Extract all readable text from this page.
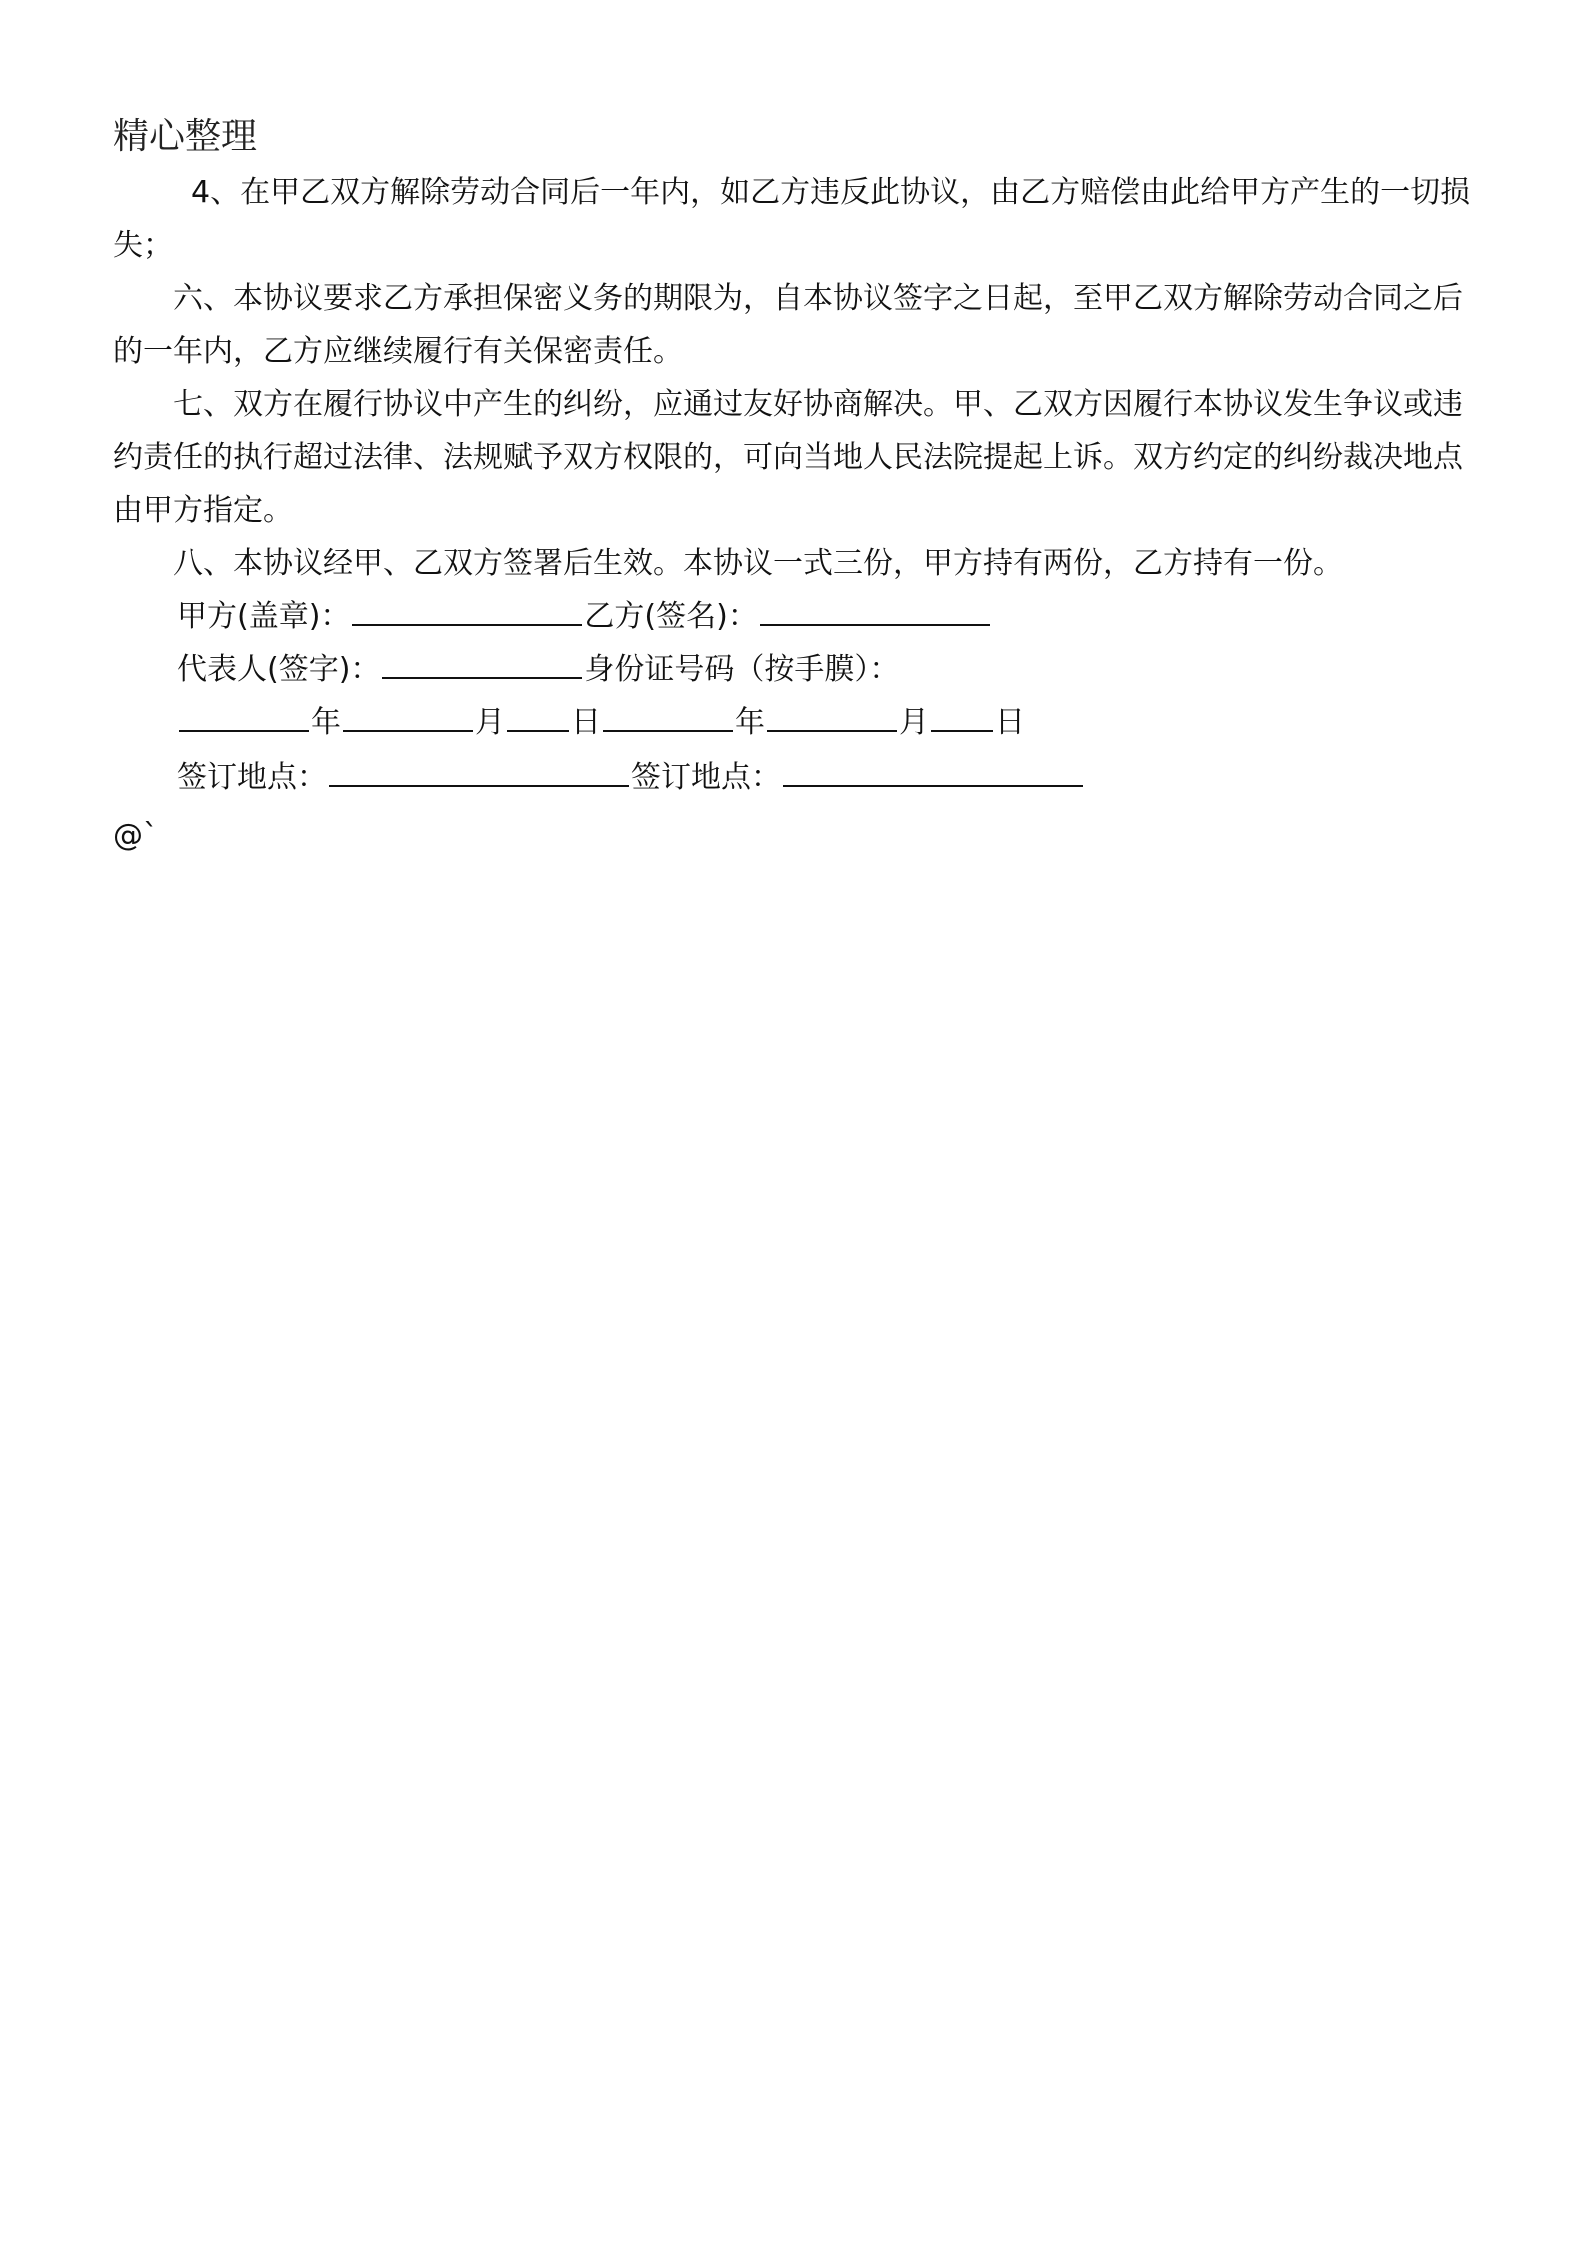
精心整理

4、在甲乙双方解除劳动合同后一年内，如乙方违反此协议，由乙方赔偿由此给甲方产生的一切损失；

六、本协议要求乙方承担保密义务的期限为，自本协议签字之日起，至甲乙双方解除劳动合同之后的一年内，乙方应继续履行有关保密责任。

七、双方在履行协议中产生的纠纷，应通过友好协商解决。甲、乙双方因履行本协议发生争议或违约责任的执行超过法律、法规赋予双方权限的，可向当地人民法院提起上诉。双方约定的纠纷裁决地点由甲方指定。

八、本协议经甲、乙双方签署后生效。本协议一式三份，甲方持有两份，乙方持有一份。

甲方(盖章)：	乙方(签名)：
代表人(签字)：	身份证号码（按手膜）：
年	月 日	年	月 日
签订地点：	签订地点：

@`
